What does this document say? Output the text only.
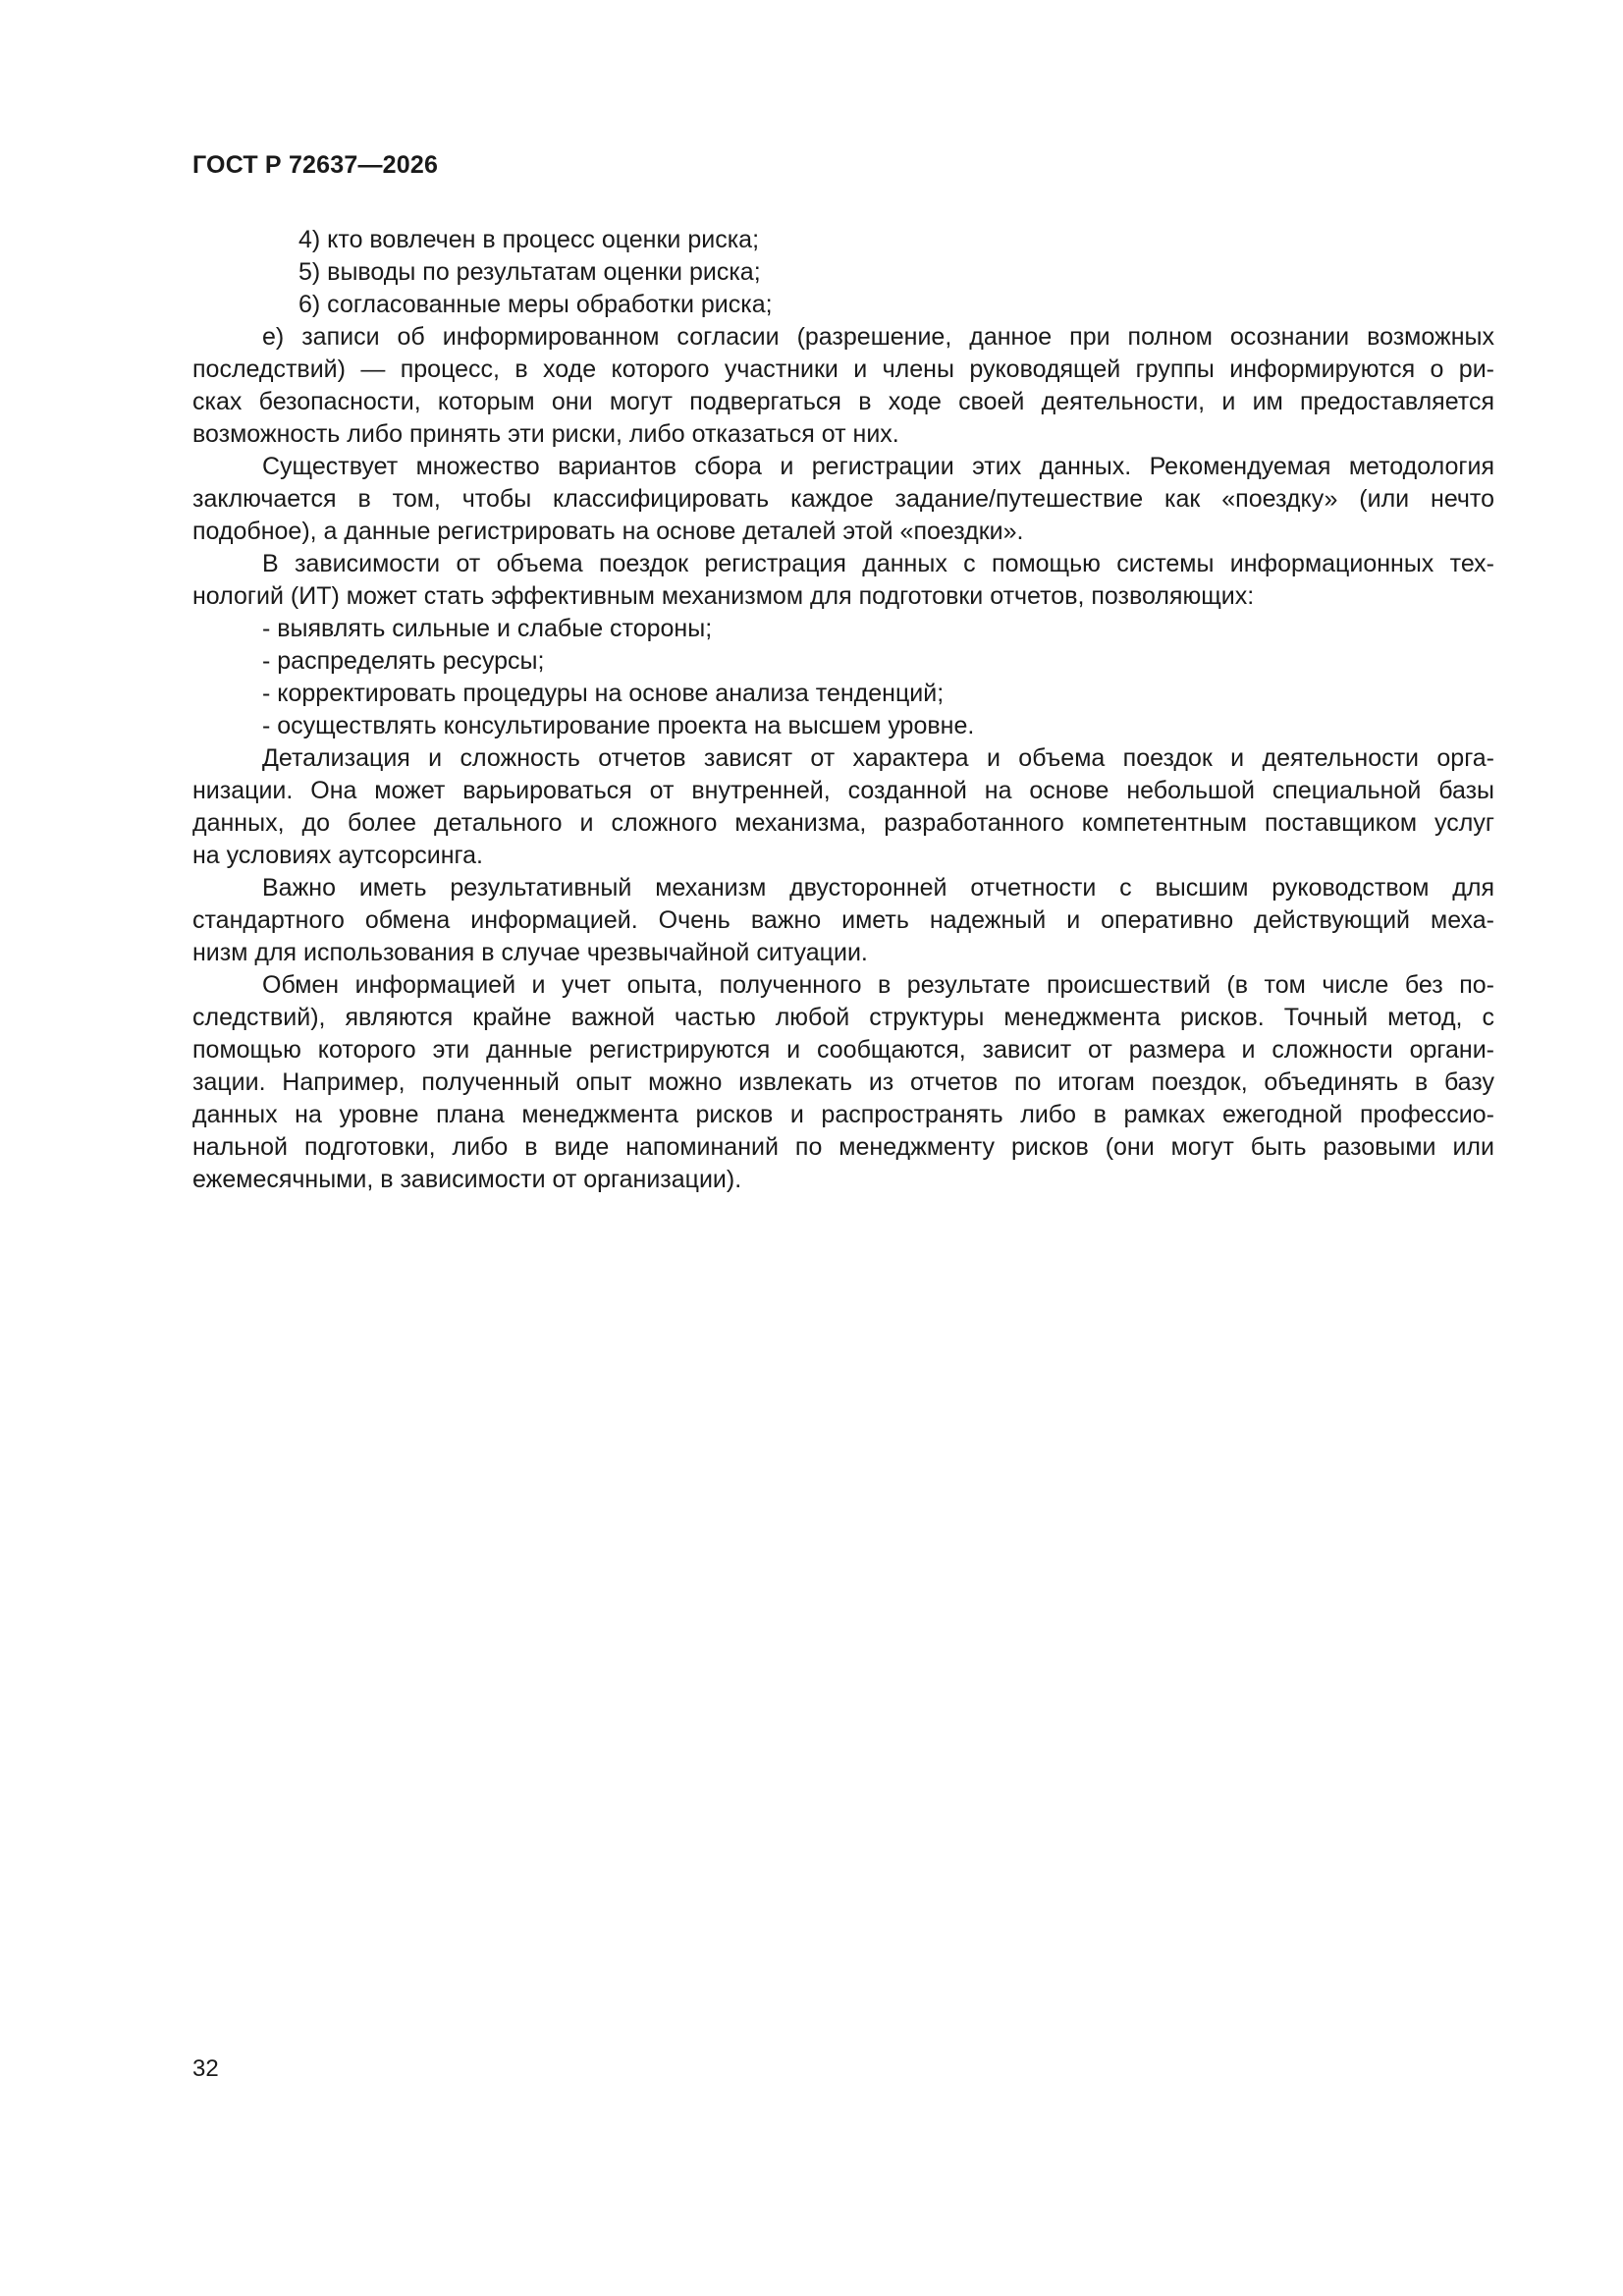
ГОСТ Р 72637—2026
4) кто вовлечен в процесс оценки риска;
5) выводы по результатам оценки риска;
6) согласованные меры обработки риска;
е) записи об информированном согласии (разрешение, данное при полном осознании возможных
последствий) — процесс, в ходе которого участники и члены руководящей группы информируются о ри-
сках безопасности, которым они могут подвергаться в ходе своей деятельности, и им предоставляется
возможность либо принять эти риски, либо отказаться от них.
Существует множество вариантов сбора и регистрации этих данных. Рекомендуемая методология
заключается в том, чтобы классифицировать каждое задание/путешествие как «поездку» (или нечто
подобное), а данные регистрировать на основе деталей этой «поездки».
В зависимости от объема поездок регистрация данных с помощью системы информационных тех-
нологий (ИТ) может стать эффективным механизмом для подготовки отчетов, позволяющих:
- выявлять сильные и слабые стороны;
- распределять ресурсы;
- корректировать процедуры на основе анализа тенденций;
- осуществлять консультирование проекта на высшем уровне.
Детализация и сложность отчетов зависят от характера и объема поездок и деятельности орга-
низации. Она может варьироваться от внутренней, созданной на основе небольшой специальной базы
данных, до более детального и сложного механизма, разработанного компетентным поставщиком услуг
на условиях аутсорсинга.
Важно иметь результативный механизм двусторонней отчетности с высшим руководством для
стандартного обмена информацией. Очень важно иметь надежный и оперативно действующий меха-
низм для использования в случае чрезвычайной ситуации.
Обмен информацией и учет опыта, полученного в результате происшествий (в том числе без по-
следствий), являются крайне важной частью любой структуры менеджмента рисков. Точный метод, с
помощью которого эти данные регистрируются и сообщаются, зависит от размера и сложности органи-
зации. Например, полученный опыт можно извлекать из отчетов по итогам поездок, объединять в базу
данных на уровне плана менеджмента рисков и распространять либо в рамках ежегодной профессио-
нальной подготовки, либо в виде напоминаний по менеджменту рисков (они могут быть разовыми или
ежемесячными, в зависимости от организации).
32
